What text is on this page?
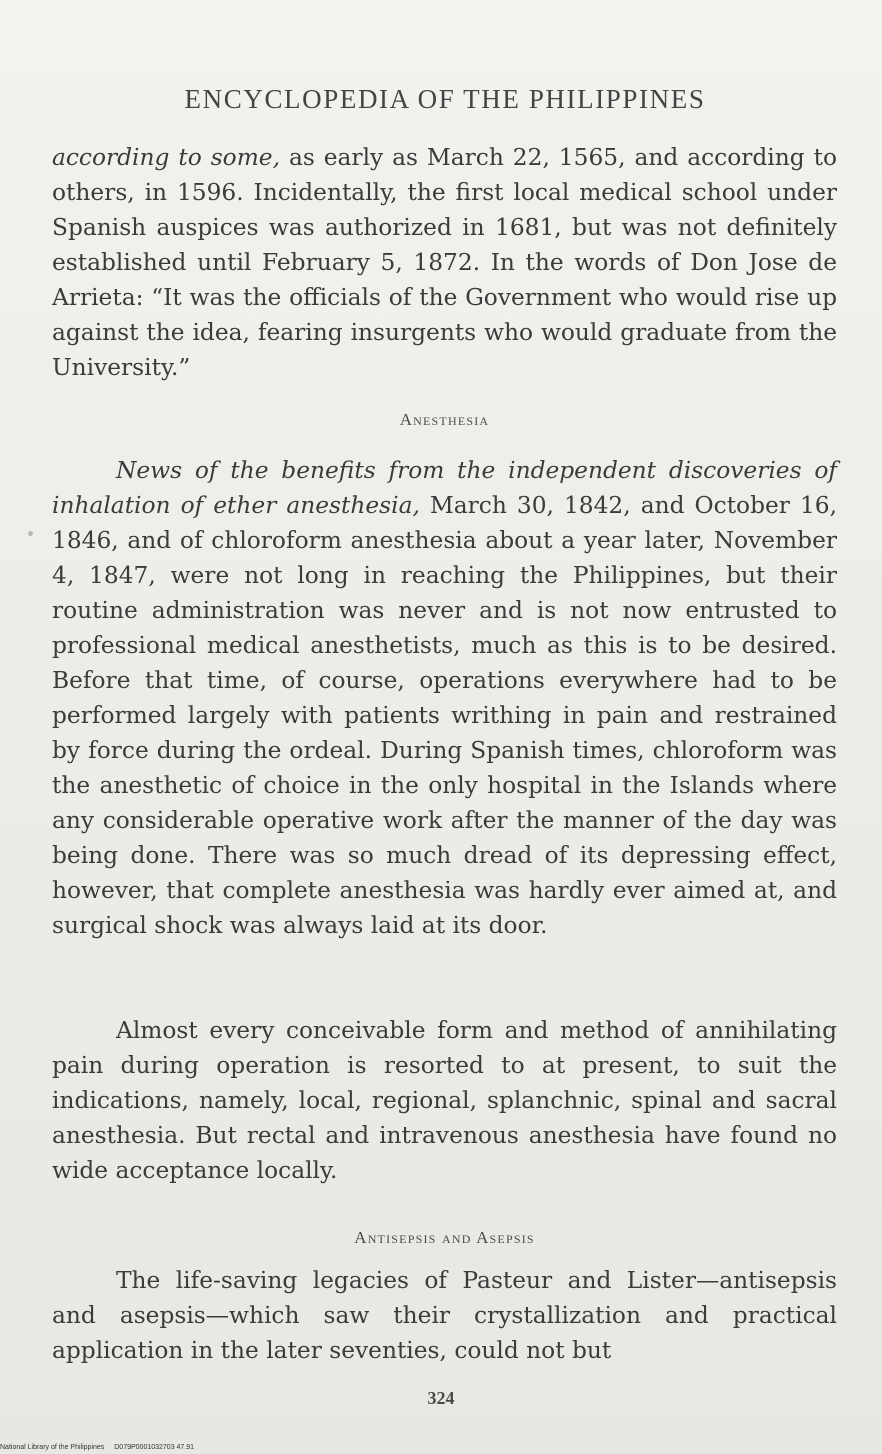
ENCYCLOPEDIA OF THE PHILIPPINES

according to some, as early as March 22, 1565, and according to others, in 1596. Incidentally, the first local medical school under Spanish auspices was authorized in 1681, but was not definitely established until February 5, 1872. In the words of Don Jose de Arrieta: “It was the officials of the Government who would rise up against the idea, fearing insurgents who would graduate from the University.”

Anesthesia

News of the benefits from the independent discoveries of inhalation of ether anesthesia, March 30, 1842, and October 16, 1846, and of chloroform anesthesia about a year later, November 4, 1847, were not long in reaching the Philippines, but their routine administration was never and is not now entrusted to professional medical anesthetists, much as this is to be desired. Before that time, of course, operations everywhere had to be performed largely with patients writhing in pain and restrained by force during the ordeal. During Spanish times, chloroform was the anesthetic of choice in the only hospital in the Islands where any considerable operative work after the manner of the day was being done. There was so much dread of its depressing effect, however, that complete anesthesia was hardly ever aimed at, and surgical shock was always laid at its door.

Almost every conceivable form and method of annihilating pain during operation is resorted to at present, to suit the indications, namely, local, regional, splanchnic, spinal and sacral anesthesia. But rectal and intravenous anesthesia have found no wide acceptance locally.

Antisepsis and Asepsis

The life-saving legacies of Pasteur and Lister—antisepsis and asepsis—which saw their crystallization and practical application in the later seventies, could not but

324
National Library of the Philippines D079P0001032703 47.91
